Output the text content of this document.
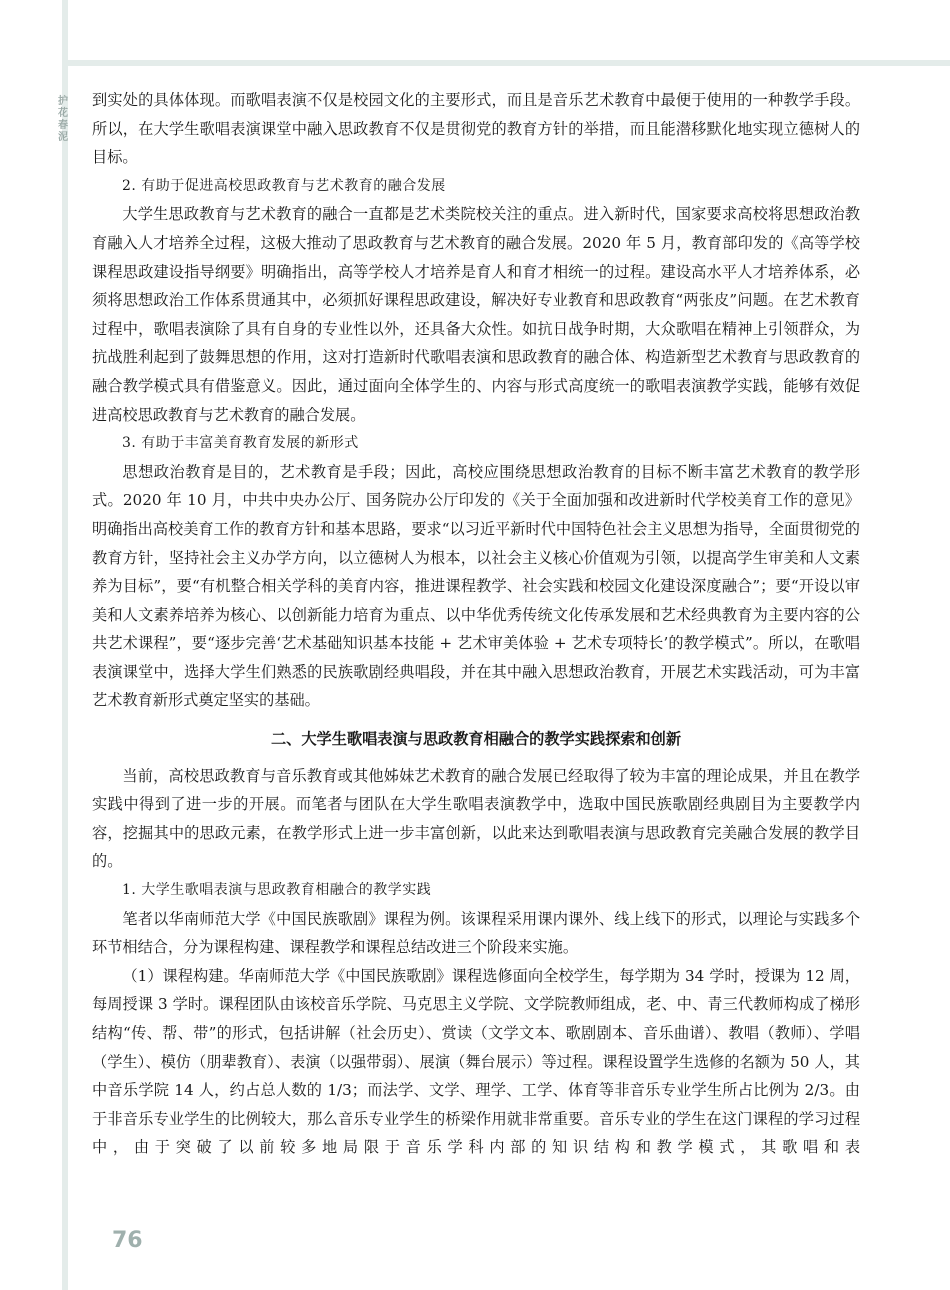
护
花
春
泥

到实处的具体体现。而歌唱表演不仅是校园文化的主要形式，而且是音乐艺术教育中最便于使用的一种教学手段。所以，在大学生歌唱表演课堂中融入思政教育不仅是贯彻党的教育方针的举措，而且能潜移默化地实现立德树人的目标。

2. 有助于促进高校思政教育与艺术教育的融合发展

大学生思政教育与艺术教育的融合一直都是艺术类院校关注的重点。进入新时代，国家要求高校将思想政治教育融入人才培养全过程，这极大推动了思政教育与艺术教育的融合发展。2020 年 5 月，教育部印发的《高等学校课程思政建设指导纲要》明确指出，高等学校人才培养是育人和育才相统一的过程。建设高水平人才培养体系，必须将思想政治工作体系贯通其中，必须抓好课程思政建设，解决好专业教育和思政教育“两张皮”问题。在艺术教育过程中，歌唱表演除了具有自身的专业性以外，还具备大众性。如抗日战争时期，大众歌唱在精神上引领群众，为抗战胜利起到了鼓舞思想的作用，这对打造新时代歌唱表演和思政教育的融合体、构造新型艺术教育与思政教育的融合教学模式具有借鉴意义。因此，通过面向全体学生的、内容与形式高度统一的歌唱表演教学实践，能够有效促进高校思政教育与艺术教育的融合发展。

3. 有助于丰富美育教育发展的新形式

思想政治教育是目的，艺术教育是手段；因此，高校应围绕思想政治教育的目标不断丰富艺术教育的教学形式。2020 年 10 月，中共中央办公厅、国务院办公厅印发的《关于全面加强和改进新时代学校美育工作的意见》明确指出高校美育工作的教育方针和基本思路，要求“以习近平新时代中国特色社会主义思想为指导，全面贯彻党的教育方针，坚持社会主义办学方向，以立德树人为根本，以社会主义核心价值观为引领，以提高学生审美和人文素养为目标”，要“有机整合相关学科的美育内容，推进课程教学、社会实践和校园文化建设深度融合”；要“开设以审美和人文素养培养为核心、以创新能力培育为重点、以中华优秀传统文化传承发展和艺术经典教育为主要内容的公共艺术课程”，要“逐步完善‘艺术基础知识基本技能 + 艺术审美体验 + 艺术专项特长’的教学模式”。所以，在歌唱表演课堂中，选择大学生们熟悉的民族歌剧经典唱段，并在其中融入思想政治教育，开展艺术实践活动，可为丰富艺术教育新形式奠定坚实的基础。

二、大学生歌唱表演与思政教育相融合的教学实践探索和创新

当前，高校思政教育与音乐教育或其他姊妹艺术教育的融合发展已经取得了较为丰富的理论成果，并且在教学实践中得到了进一步的开展。而笔者与团队在大学生歌唱表演教学中，选取中国民族歌剧经典剧目为主要教学内容，挖掘其中的思政元素，在教学形式上进一步丰富创新，以此来达到歌唱表演与思政教育完美融合发展的教学目的。

1. 大学生歌唱表演与思政教育相融合的教学实践

笔者以华南师范大学《中国民族歌剧》课程为例。该课程采用课内课外、线上线下的形式，以理论与实践多个环节相结合，分为课程构建、课程教学和课程总结改进三个阶段来实施。

（1）课程构建。华南师范大学《中国民族歌剧》课程选修面向全校学生，每学期为 34 学时，授课为 12 周，每周授课 3 学时。课程团队由该校音乐学院、马克思主义学院、文学院教师组成，老、中、青三代教师构成了梯形结构“传、帮、带”的形式，包括讲解（社会历史）、赏读（文学文本、歌剧剧本、音乐曲谱）、教唱（教师）、学唱（学生）、模仿（朋辈教育）、表演（以强带弱）、展演（舞台展示）等过程。课程设置学生选修的名额为 50 人，其中音乐学院 14 人，约占总人数的 1/3；而法学、文学、理学、工学、体育等非音乐专业学生所占比例为 2/3。由于非音乐专业学生的比例较大，那么音乐专业学生的桥梁作用就非常重要。音乐专业的学生在这门课程的学习过程中，由于突破了以前较多地局限于音乐学科内部的知识结构和教学模式，其歌唱和表

76
